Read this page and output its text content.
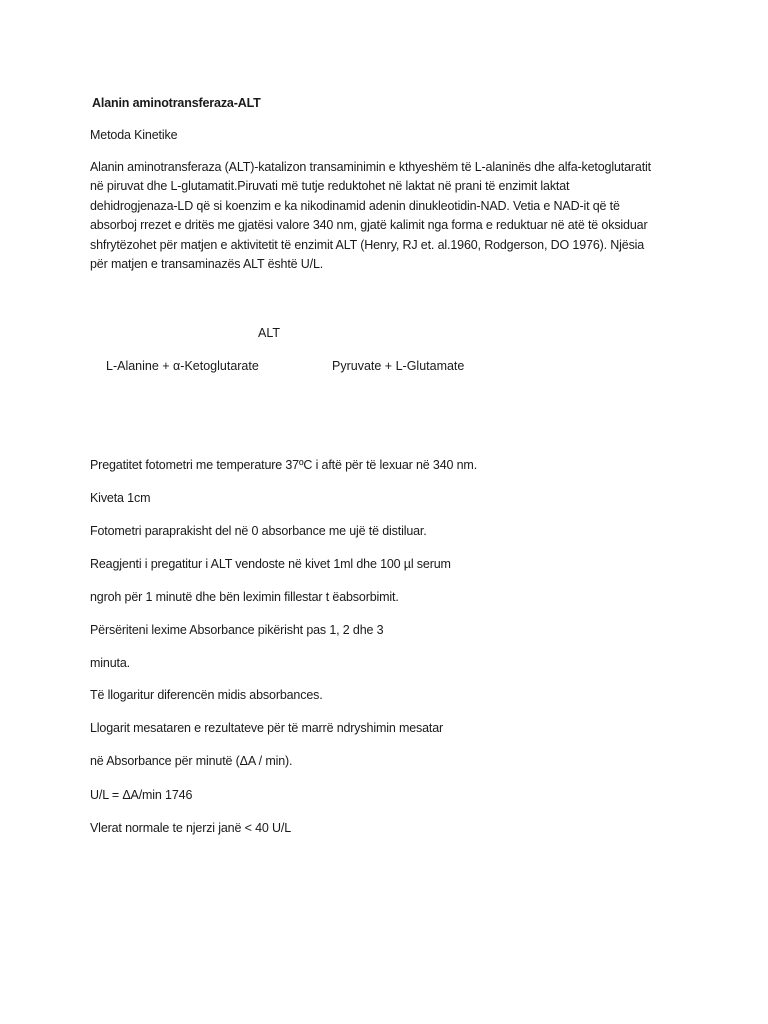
Alanin aminotransferaza-ALT
Metoda Kinetike
Alanin aminotransferaza (ALT)-katalizon transaminimin e kthyeshëm të L-alaninës dhe alfa-ketoglutaratit
në piruvat dhe L-glutamatit.Piruvati më tutje reduktohet në laktat në prani të enzimit laktat
dehidrogjenaza-LD që si koenzim e ka nikodinamid adenin dinukleotidin-NAD. Vetia e NAD-it që të
absorboj rrezet e dritës me gjatësi valore 340 nm, gjatë kalimit nga forma e reduktuar në atë të oksiduar
shfrytëzohet për matjen e aktivitetit të enzimit ALT (Henry, RJ et. al.1960, Rodgerson, DO 1976). Njësia
për matjen e transaminazës ALT është U/L.
ALT
L-Alanine + α-Ketoglutarate	Pyruvate + L-Glutamate
Pregatitet fotometri me temperature 37ºC i aftë për të lexuar në 340 nm.
Kiveta 1cm
Fotometri paraprakisht del në 0 absorbance me ujë të distiluar.
Reagjenti i pregatitur i ALT vendoste në kivet 1ml dhe 100 µl serum
ngroh për 1 minutë dhe bën leximin fillestar t ëabsorbimit.
Përsëriteni lexime Absorbance pikërisht pas 1, 2 dhe 3
minuta.
Të llogaritur diferencën midis absorbances.
Llogarit mesataren e rezultateve për të marrë ndryshimin mesatar
në Absorbance për minutë (ΔA / min).
U/L = ΔA/min 1746
Vlerat normale te njerzi janë < 40 U/L
